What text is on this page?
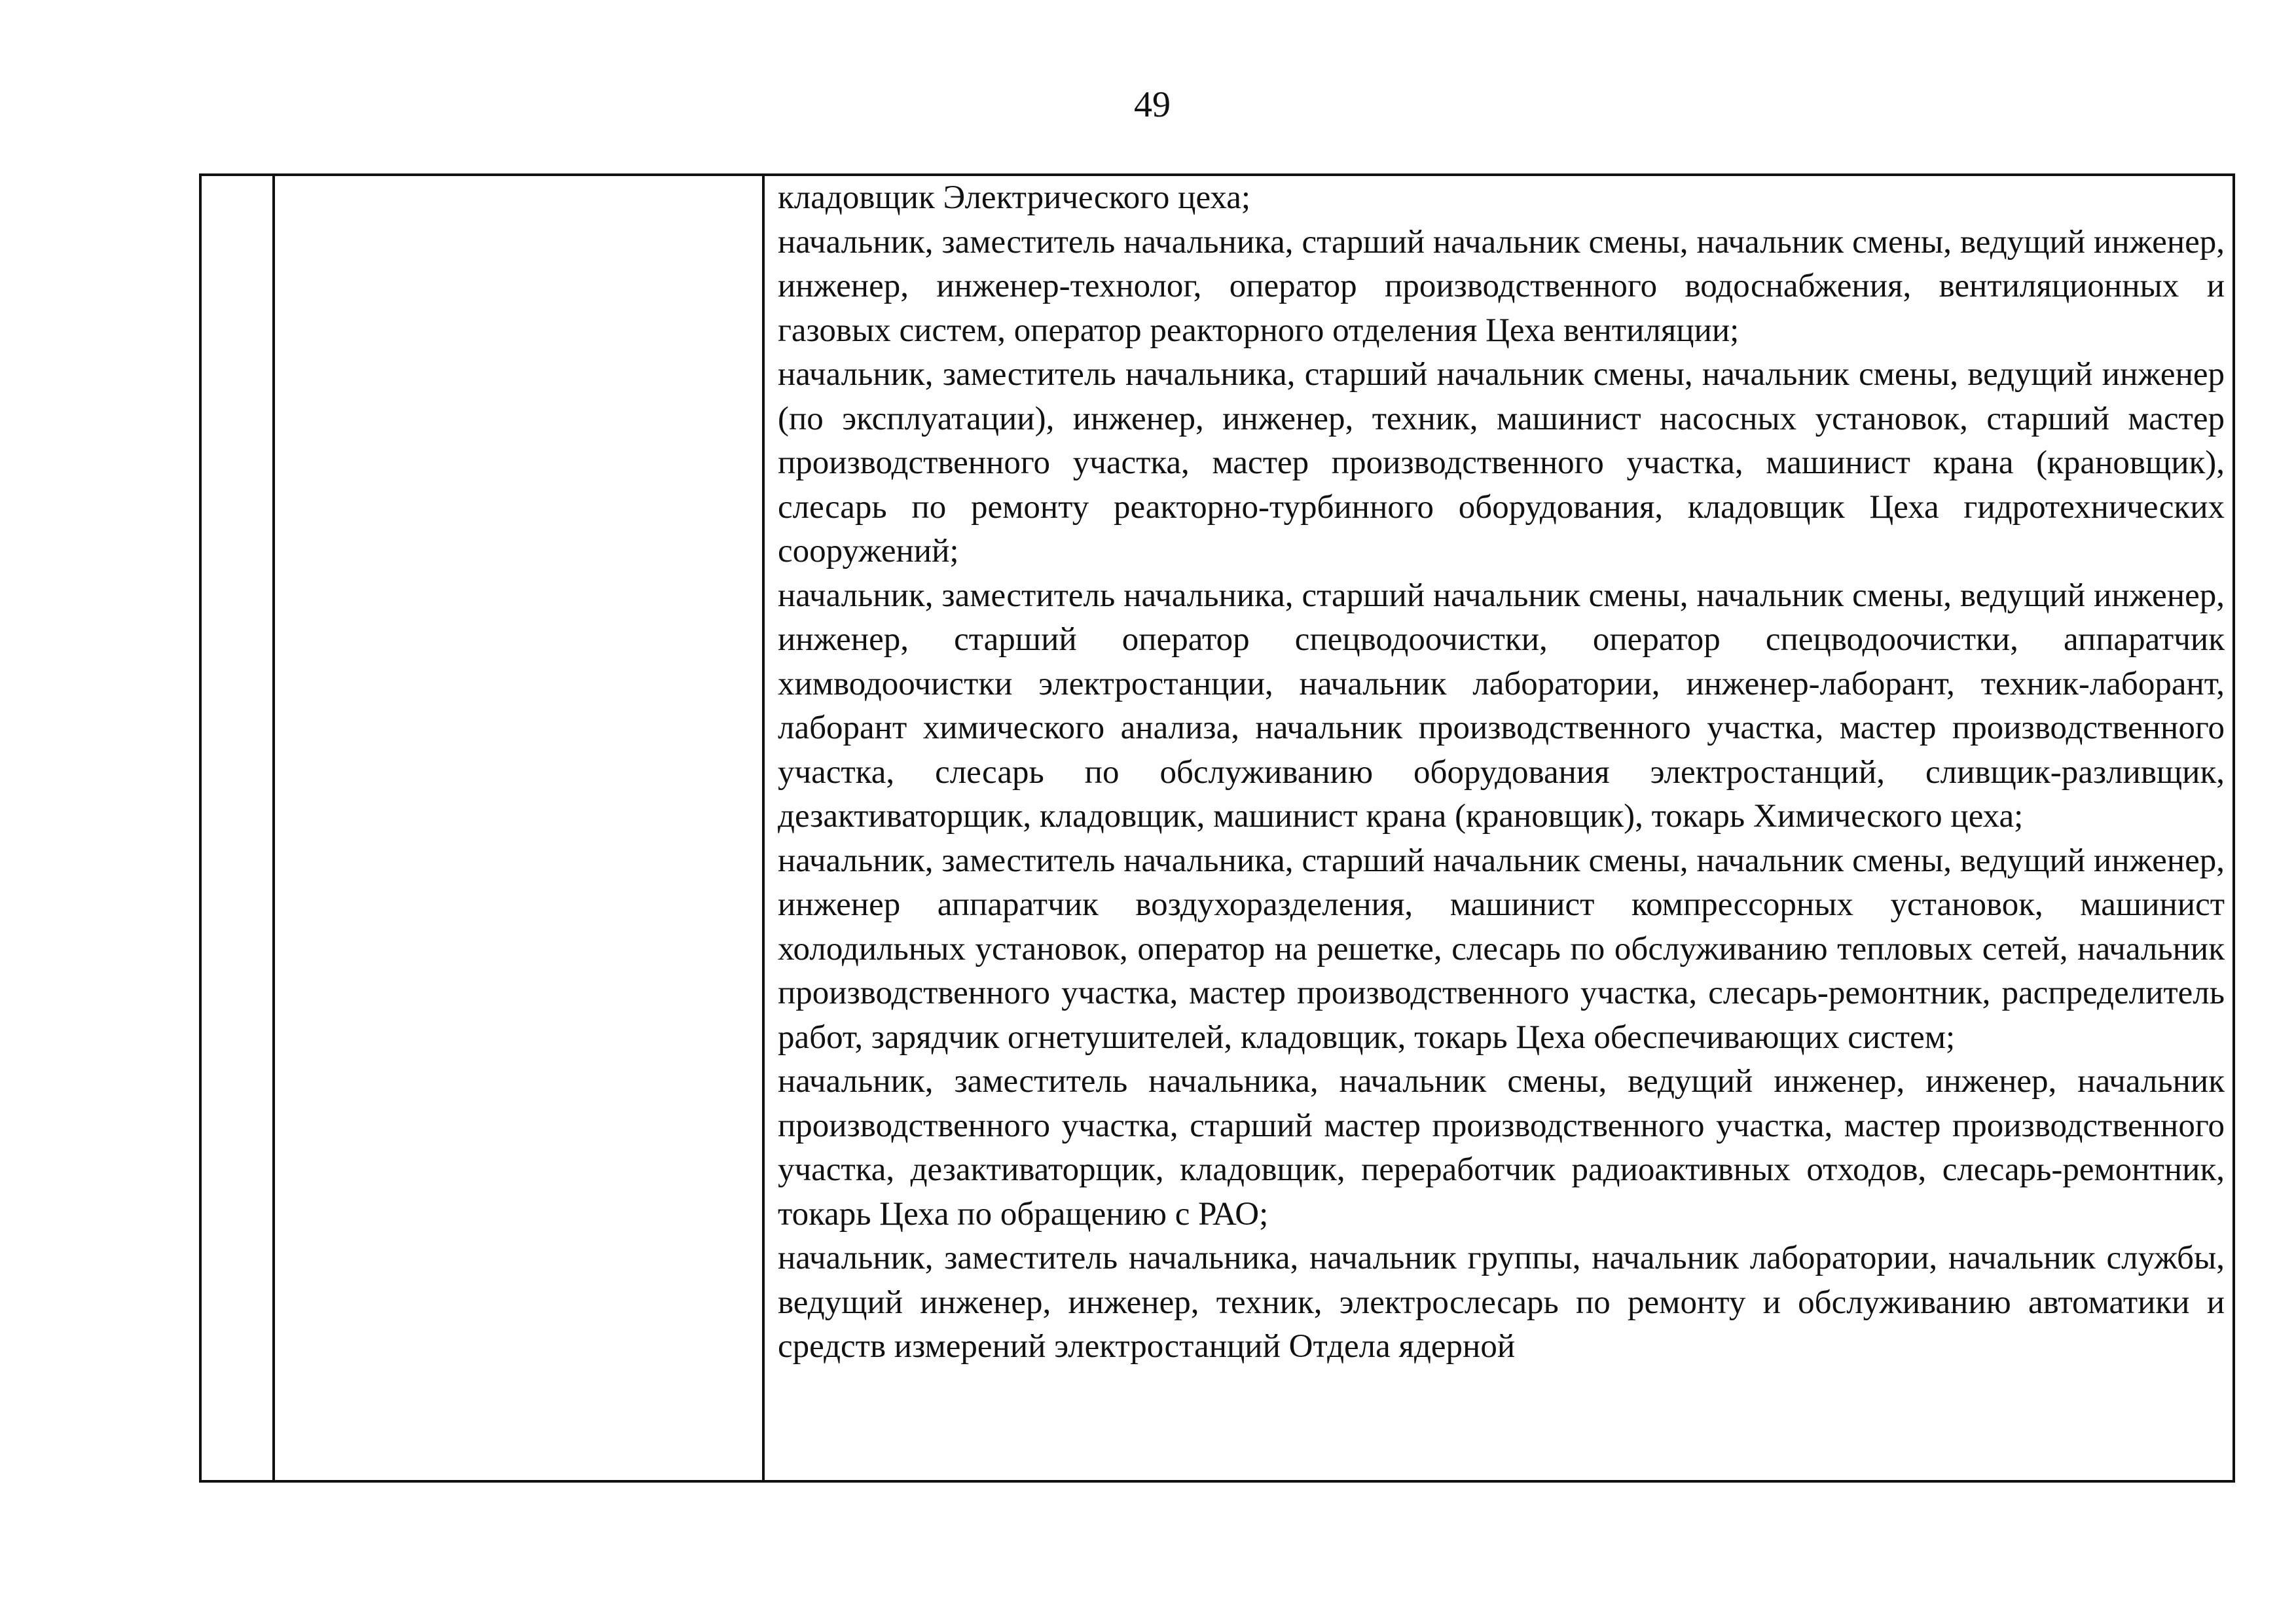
49

кладовщик Электрического цеха;

начальник, заместитель начальника, старший начальник смены, начальник смены, ведущий инженер, инженер, инженер-технолог, оператор производственного водоснабжения, вентиляционных и газовых систем, оператор реакторного отделения Цеха вентиляции;

начальник, заместитель начальника, старший начальник смены, начальник смены, ведущий инженер (по эксплуатации), инженер, инженер, техник, машинист насосных установок, старший мастер производственного участка, мастер производственного участка, машинист крана (крановщик), слесарь по ремонту реакторно-турбинного оборудования, кладовщик Цеха гидротехнических сооружений;

начальник, заместитель начальника, старший начальник смены, начальник смены, ведущий инженер, инженер, старший оператор спецводоочистки, оператор спецводоочистки, аппаратчик химводоочистки электростанции, начальник лаборатории, инженер-лаборант, техник-лаборант, лаборант химического анализа, начальник производственного участка, мастер производственного участка, слесарь по обслуживанию оборудования электростанций, сливщик-разливщик, дезактиваторщик, кладовщик, машинист крана (крановщик), токарь Химического цеха;

начальник, заместитель начальника, старший начальник смены, начальник смены, ведущий инженер, инженер аппаратчик воздухоразделения, машинист компрессорных установок, машинист холодильных установок, оператор на решетке, слесарь по обслуживанию тепловых сетей, начальник производственного участка, мастер производственного участка, слесарь-ремонтник, распределитель работ, зарядчик огнетушителей, кладовщик, токарь Цеха обеспечивающих систем;

начальник, заместитель начальника, начальник смены, ведущий инженер, инженер, начальник производственного участка, старший мастер производственного участка, мастер производственного участка, дезактиваторщик, кладовщик, переработчик радиоактивных отходов, слесарь-ремонтник, токарь Цеха по обращению с РАО;

начальник, заместитель начальника, начальник группы, начальник лаборатории, начальник службы, ведущий инженер, инженер, техник, электрослесарь по ремонту и обслуживанию автоматики и средств измерений электростанций Отдела ядерной
